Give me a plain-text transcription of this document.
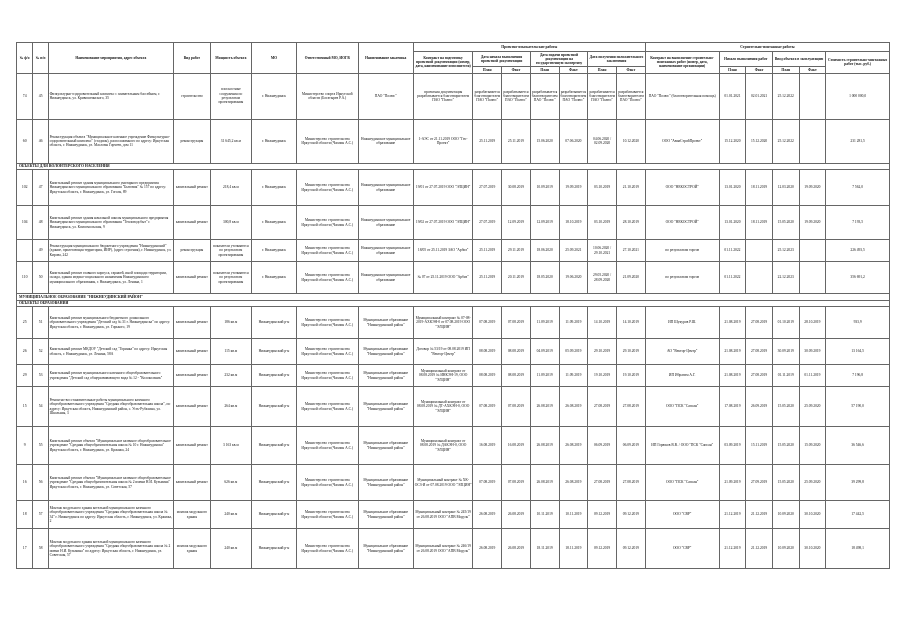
№ ф/о	№ п/п	Наименование мероприятия, адрес объекта	Вид работ	Мощность объекта	МО	Ответственный МО, ИОГВ	Наименование заказчика	Проектно-изыскательские работы							Строительно-монтажные работы					
								Контракт на подготовку проектной документации (номер, дата, наименование исполнителя)	Дата начала выполнения проектной документации		Дата подачи проектной документации на государственную экспертизу		Дата получения положительного заключения		Контракт на выполнение строительно-монтажных работ (номер, дата, наименование организации)	Начало выполнения работ		Ввод объекта в эксплуатацию		Стоимость строительно-монтажных работ (тыс. руб.)
									План	Факт	План	Факт	План	Факт		План	Факт	План	Факт	
74	45	Физкультурно-оздоровительный комплекс с плавательным бассейном, г. Нижнеудинск, ул. Кривошеинского, 35	строительство	плоскостные сооружения по результатам проектирования	г. Нижнеудинск	Министерство спорта Иркутской области (Богатырев Р.А.)	ПАО "Полюс"	проектная документация разрабатывается благотворителем ПАО "Полюс"	разрабатывается благотворителем ПАО "Полюс"	разрабатывается благотворителем ПАО "Полюс"	разрабатывается благотворителем ПАО "Полюс"	разрабатывается благотворителем ПАО "Полюс"	разрабатывается благотворителем ПАО "Полюс"	разрабатывается благотворителем ПАО "Полюс"	ПАО "Полюс" (благотворительная помощь)	01.01.2021	02.01.2021	25.12.2022		1 000 000,0
60	46	Реконструкция объекта "Муниципальное казенное учреждение Физкультурно-оздоровительный комплекс" (стадион), расположенного по адресу: Иркутская область, г. Нижнеудинск, ул. Масловы Горчеев, дом 11	реконструкция	31 645,2 кв.м	г. Нижнеудинск	Министерство строительства Иркутской области (Чаплин А.С.)	Нижнеудинское муниципальное образование	1-АЭС от 21.11.2019 ООО "Гео-Проект"	25.11.2019	25.11.2019	15.06.2020	07.06.2020	04.06.2020 / 02.09.2020	10.12.2020	ООО "АвиаСтройПроект"	15.12.2020	15.12.2020	25.12.2022		231 281,5
ОБЪЕКТЫ ДЛЯ ВОЛОНТЕРСКОГО НАСЕЛЕНИЯ																				
102	47	Капитальный ремонт здания муниципального унитарного предприятия Нижнеудинского муниципального образования "Бытовик" № 157 по адресу: Иркутская область, г. Нижнеудинск, ул. Гоголя, 89	капитальный ремонт	218,4 кв.м	г. Нижнеудинск	Министерство строительства Иркутской области (Чаплин А.С.)	Нижнеудинское муниципальное образование	19/01 от 27.07.2019 ООО "ЭЛЦИН"	27.07.2019	30.08.2019	10.09.2019	19.09.2019	03.10.2019	21.10.2019	ООО "НЕКОСТРОЙ"	13.01.2020	18.11.2019	12.03.2020	19.09.2020	7 562,0
104	48	Капитальный ремонт здания начальной школы муниципального предприятия Нижнеудинского муниципального образования "Тепловодсбыт" г. Нижнеудинск, ул. Комсомольская, 9	капитальный ремонт	300,8 кв.м	г. Нижнеудинск	Министерство строительства Иркутской области (Чаплин А.С.)	Нижнеудинское муниципальное образование	19/02 от 27.07.2019 ООО "ЭЛЦИН"	27.07.2019	12.09.2019	12.09.2019	18.10.2019	03.10.2019	28.10.2019	ООО "НЕКОСТРОЙ"	13.01.2020	18.11.2019	15.05.2020	19.09.2020	7 193,5
	49	Реконструкция муниципального бюджетного учреждения "Нижнеудинский" (здание, прилегающая территория, ИИР), (адрес строения), г. Нижнеудинск, ул. Кирова, 242	реконструкция	показатели уточняются по результатам проектирования	г. Нижнеудинск	Министерство строительства Иркутской области (Чаплин А.С.)	Нижнеудинское муниципальное образование	18/05 от 25.11.2019 ЗАО "Арбиз"	25.11.2019	29.11.2019	18.06.2020	25.09.2021	10.06.2020 / 29.10.2021	27.10.2021	по результатам торгов	01.11.2022		25.12.2023		226 493,5
110	50	Капитальный ремонт главного корпуса, гаражей, иной площади территории, склада, здания медико-социального назначения Нижнеудинского муниципального образования, г. Нижнеудинск, ул. Ленина, 1	капитальный ремонт	показатели уточняются по результатам проектирования	г. Нижнеудинск	Министерство строительства Иркутской области (Чаплин А.С.)	Нижнеудинское муниципальное образование	№ 07 от 25.11.2019 ООО "Арбиз"	25.11.2019	20.11.2019	18.05.2020	19.06.2020	29.05.2020 / 28.09.2020	21.09.2020	по результатам торгов	01.11.2022		22.12.2023		356 691,2
МУНИЦИПАЛЬНОЕ ОБРАЗОВАНИЕ "НИЖНЕУДИНСКИЙ РАЙОН"																				
ОБЪЕКТЫ ОБРАЗОВАНИЯ																				
25	51	Капитальный ремонт муниципального бюджетного дошкольного образовательного учреждения "Детский сад № 31 г. Нижнеудинска" по адресу: Иркутская область, г. Нижнеудинск, ул. Горького, 19	капитальный ремонт	186 кв.м	Нижнеудинский р-н	Министерство строительства Иркутской области (Чаплин А.С.)	Муниципальное образование "Нижнеудинский район"	Муниципальный контракт № 07-08-2019-АХКЭН-0 от 07.08.2019 ООО "ЭЛЦИН"	07.08.2019	07.08.2019	11.09.2019	11.09.2019	14.10.2019	14.10.2019	ИП Шукуров Р.Ш.	21.08.2019	27.08.2019	01.10.2019	28.10.2019	933,9
26	52	Капитальный ремонт МКДОУ "Детский сад "Горинка" по адресу: Иркутская область, г. Нижнеудинск, ул. Ленина, 58А	капитальный ремонт	115 кв.м	Нижнеудинский р-н	Министерство строительства Иркутской области (Чаплин А.С.)	Муниципальное образование "Нижнеудинский район"	Договор № 53/19 от 08.08.2019 ИП "Вектор-Центр"	08.08.2019	08.08.2019	04.09.2019	05.09.2019	29.10.2019	29.10.2019	АО "Вектор-Центр"	21.08.2019	27.08.2019	30.09.2019	30.09.2019	13 164,5
29	53	Капитальный ремонт муниципального казенного общеобразовательного учреждения "Детский сад общеразвивающего вида № 12 - "Колокольчик"	капитальный ремонт	232 кв.м	Нижнеудинский р-н	Министерство строительства Иркутской области (Чаплин А.С.)	Муниципальное образование "Нижнеудинский район"	Муниципальный контракт от 08.08.2019 № ИНКЭН-19, ООО "ЭЛЦИН"	08.08.2019	08.08.2019	11.09.2019	11.09.2019	19.10.2019	19.10.2019	ИП Ибрагим А.Г.	21.08.2019	27.08.2019	01.11.2019	01.11.2019	7 196,8
15	54	Ремонтно-восстановительные работы муниципального казенного общеобразовательного учреждения "Средняя общеобразовательная школа", по адресу: Иркутская область, Нижнеудинский район, с. Усть-Рубахина, ул. Школьная, 3	капитальный ремонт	264 кв.м	Нижнеудинский р-н	Министерство строительства Иркутской области (Чаплин А.С.)	Муниципальное образование "Нижнеудинский район"	Муниципальный контракт от 08.08.2019 № ДТ-АХКЭН-0, ООО "ЭЛЦИН"	07.08.2019	07.08.2019	26.08.2019	26.08.2019	27.08.2019	27.08.2019	ООО "ПСК "Сапсан"	17.08.2019	26.09.2019	15.05.2020	25.09.2020	57 190,0
9	55	Капитальный ремонт объекта "Муниципальное казенное общеобразовательное учреждение "Средняя общеобразовательная школа № 10 г. Нижнеудинска" Иркутская область, г. Нижнеудинск, ул. Кржижа, 24	капитальный ремонт	3 163 кв.м	Нижнеудинский р-н	Министерство строительства Иркутской области (Чаплин А.С.)	Муниципальное образование "Нижнеудинский район"	Муниципальный контракт от 08.08.2019 № ДАКЭН-0, ООО "ЭЛЦИН"	16.08.2019	16.08.2019	26.08.2019	26.08.2019	06.09.2019	06.09.2019	ИП Горюков В.В. / ООО "ПСК "Сапсан"	03.09.2019	15.11.2019	15.05.2020	15.09.2020	36 546,6
16	56	Капитальный ремонт объекта "Муниципальное казенное общеобразовательное учреждение "Средняя общеобразовательная школа № 2 имени Н.И. Кузьмина" Иркутская область, г. Нижнеудинск, ул. Советская, 57	капитальный ремонт	626 кв.м	Нижнеудинский р-н	Министерство строительства Иркутской области (Чаплин А.С.)	Муниципальное образование "Нижнеудинский район"	Муниципальный контракт № ХК-ОСЗ-И от 07.08.2019 ООО "ЭЛЦИН"	07.08.2019	07.08.2019	26.08.2019	26.08.2019	27.08.2019	27.08.2019	ООО "ПСК "Сапсан"	21.09.2019	27.09.2019	15.05.2020	25.09.2020	39 299,8
18	57	Монтаж модульного здания котельной муниципального казенного общеобразовательного учреждения "Средняя общеобразовательная школа № 34" г. Нижнеудинск по адресу: Иркутская область, г. Нижнеудинск, ул. Кржижа, 2	монтаж модульного здания	240 кв.м	Нижнеудинский р-н	Министерство строительства Иркутской области (Чаплин А.С.)	Муниципальное образование "Нижнеудинский район"	Муниципальный контракт № 245/19 от 26.08.2019 ООО "АПВ Модуль"	26.08.2019	26.08.2019	10.11.2019	10.11.2019	09.12.2019	09.12.2019	ООО "СВР"	21.12.2019	21.12.2019	10.09.2020	30.10.2020	17 442,5
17	58	Монтаж модульного здания котельной муниципального казенного общеобразовательного учреждения "Средняя общеобразовательная школа № 2 имени Н.И. Кузьмина" по адресу: Иркутская область, г. Нижнеудинск, ул. Советская, 57	монтаж модульного здания	240 кв.м	Нижнеудинский р-н	Министерство строительства Иркутской области (Чаплин А.С.)	Муниципальное образование "Нижнеудинский район"	Муниципальный контракт № 246/19 от 26.08.2019 ООО "АПВ Модуль"	26.08.2019	26.08.2019	18.11.2019	18.11.2019	09.12.2019	09.12.2019	ООО "СВР"	21.12.2019	21.12.2019	10.09.2020	30.10.2020	18 498,1
